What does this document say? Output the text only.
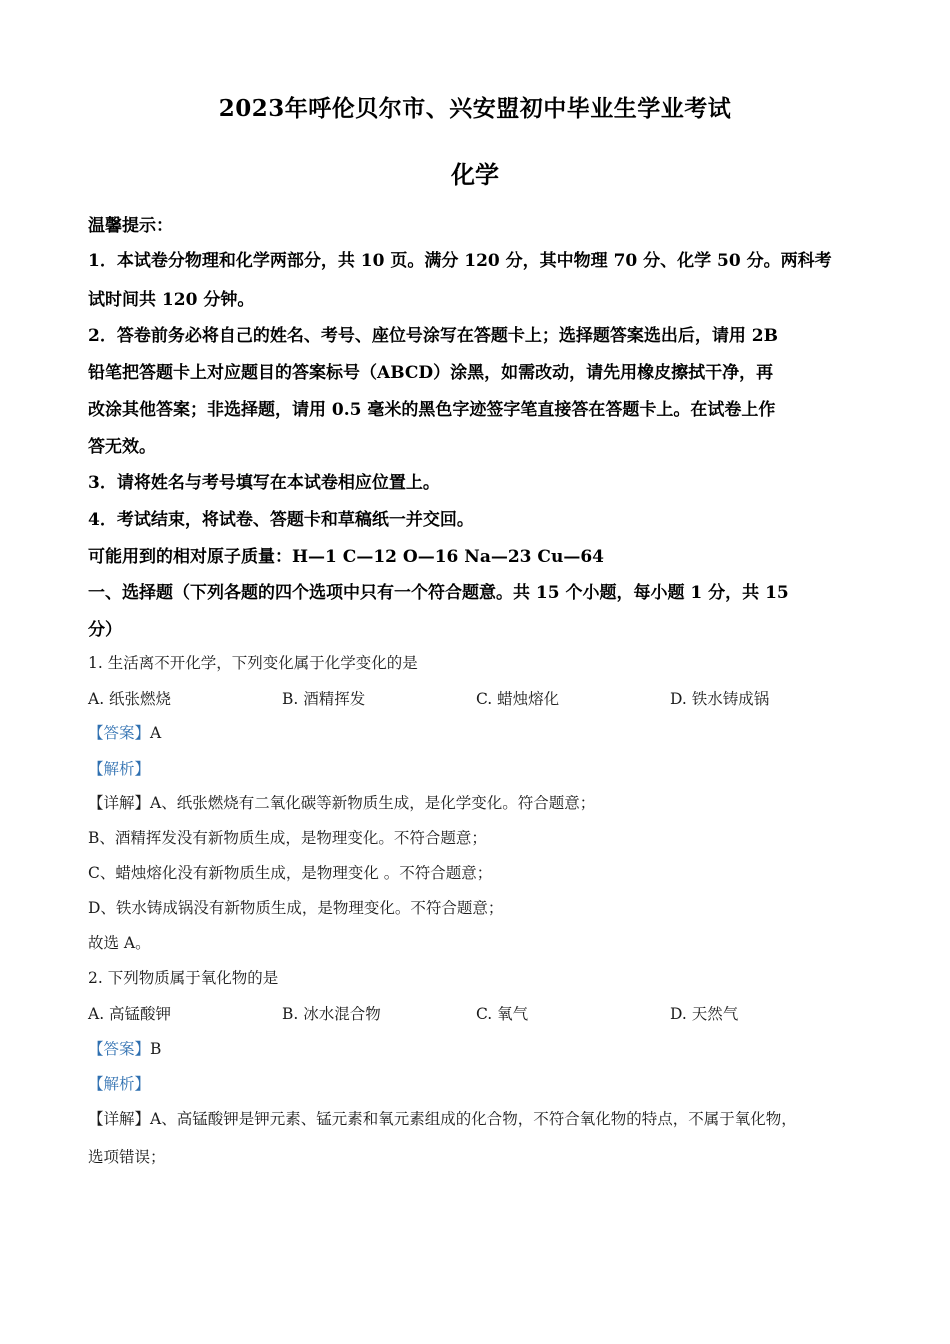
2023年呼伦贝尔市、兴安盟初中毕业生学业考试
化学
温馨提示：
1．本试卷分物理和化学两部分，共 10 页。满分 120 分，其中物理 70 分、化学 50 分。两科考
试时间共 120 分钟。
2．答卷前务必将自己的姓名、考号、座位号涂写在答题卡上；选择题答案选出后，请用 2B
铅笔把答题卡上对应题目的答案标号（ABCD）涂黑，如需改动，请先用橡皮擦拭干净，再
改涂其他答案；非选择题，请用 0.5 毫米的黑色字迹签字笔直接答在答题卡上。在试卷上作
答无效。
3．请将姓名与考号填写在本试卷相应位置上。
4．考试结束，将试卷、答题卡和草稿纸一并交回。
可能用到的相对原子质量：H—1 C—12 O—16 Na—23 Cu—64
一、选择题（下列各题的四个选项中只有一个符合题意。共 15 个小题，每小题 1 分，共 15
分）
1. 生活离不开化学，下列变化属于化学变化的是
A. 纸张燃烧	B. 酒精挥发	C. 蜡烛熔化	D. 铁水铸成锅
【答案】A
【解析】
【详解】A、纸张燃烧有二氧化碳等新物质生成，是化学变化。符合题意；
B、酒精挥发没有新物质生成，是物理变化。不符合题意；
C、蜡烛熔化没有新物质生成，是物理变化 。不符合题意；
D、铁水铸成锅没有新物质生成，是物理变化。不符合题意；
故选 A。
2. 下列物质属于氧化物的是
A. 高锰酸钾	B. 冰水混合物	C. 氧气	D. 天然气
【答案】B
【解析】
【详解】A、高锰酸钾是钾元素、锰元素和氧元素组成的化合物，不符合氧化物的特点，不属于氧化物，
选项错误；
